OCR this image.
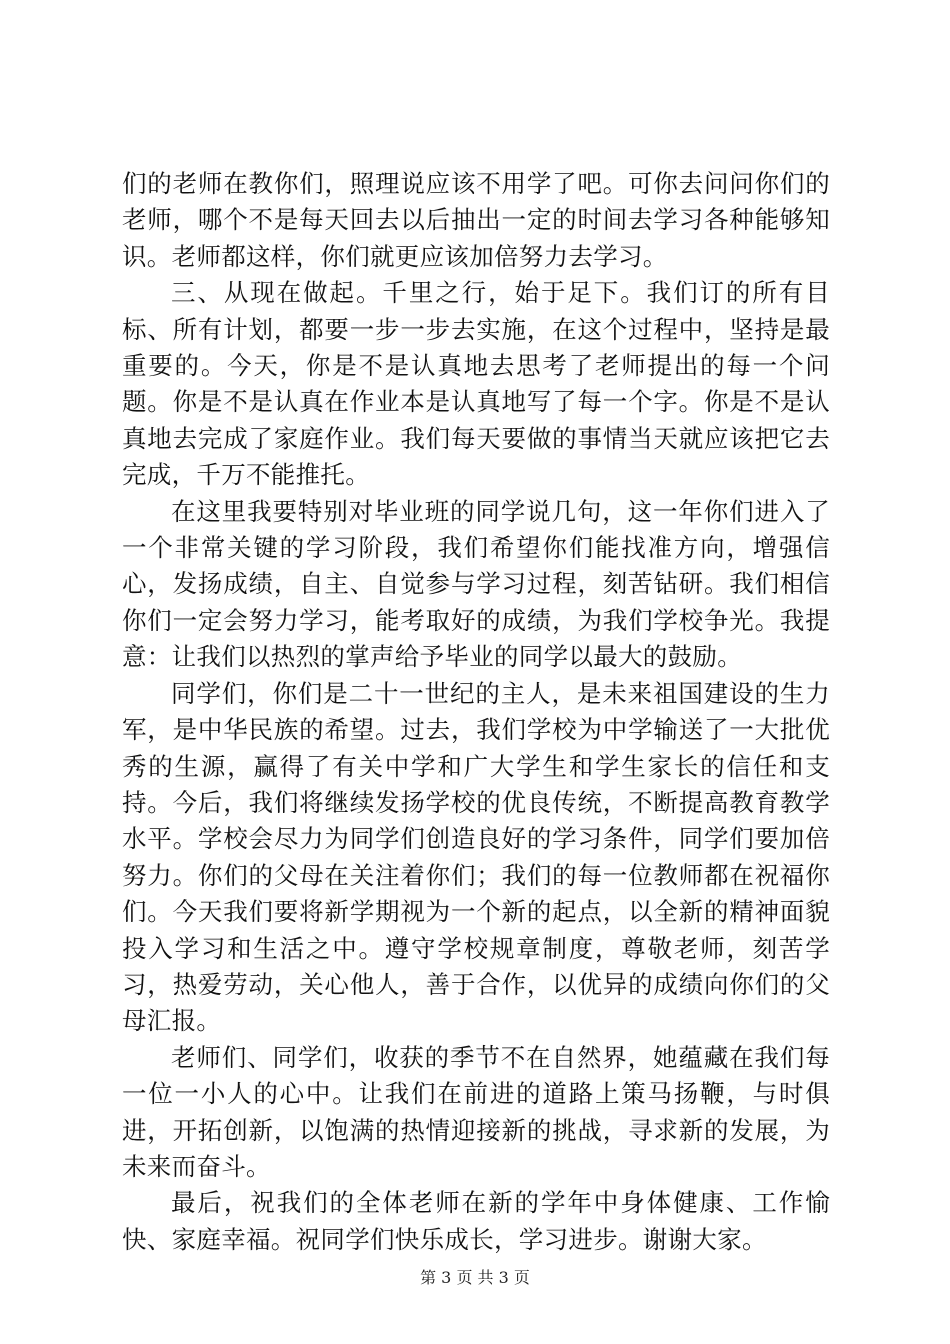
们的老师在教你们，照理说应该不用学了吧。可你去问问你们的老师，哪个不是每天回去以后抽出一定的时间去学习各种能够知识。老师都这样，你们就更应该加倍努力去学习。

三、从现在做起。千里之行，始于足下。我们订的所有目标、所有计划，都要一步一步去实施，在这个过程中，坚持是最重要的。今天，你是不是认真地去思考了老师提出的每一个问题。你是不是认真在作业本是认真地写了每一个字。你是不是认真地去完成了家庭作业。我们每天要做的事情当天就应该把它去完成，千万不能推托。

在这里我要特别对毕业班的同学说几句，这一年你们进入了一个非常关键的学习阶段，我们希望你们能找准方向，增强信心，发扬成绩，自主、自觉参与学习过程，刻苦钻研。我们相信你们一定会努力学习，能考取好的成绩，为我们学校争光。我提意：让我们以热烈的掌声给予毕业的同学以最大的鼓励。

同学们，你们是二十一世纪的主人，是未来祖国建设的生力军，是中华民族的希望。过去，我们学校为中学输送了一大批优秀的生源，赢得了有关中学和广大学生和学生家长的信任和支持。今后，我们将继续发扬学校的优良传统，不断提高教育教学水平。学校会尽力为同学们创造良好的学习条件，同学们要加倍努力。你们的父母在关注着你们；我们的每一位教师都在祝福你们。今天我们要将新学期视为一个新的起点，以全新的精神面貌投入学习和生活之中。遵守学校规章制度，尊敬老师，刻苦学习，热爱劳动，关心他人，善于合作，以优异的成绩向你们的父母汇报。

老师们、同学们，收获的季节不在自然界，她蕴藏在我们每一位一小人的心中。让我们在前进的道路上策马扬鞭，与时俱进，开拓创新，以饱满的热情迎接新的挑战，寻求新的发展，为未来而奋斗。

最后，祝我们的全体老师在新的学年中身体健康、工作愉快、家庭幸福。祝同学们快乐成长，学习进步。谢谢大家。

第 3 页 共 3 页
